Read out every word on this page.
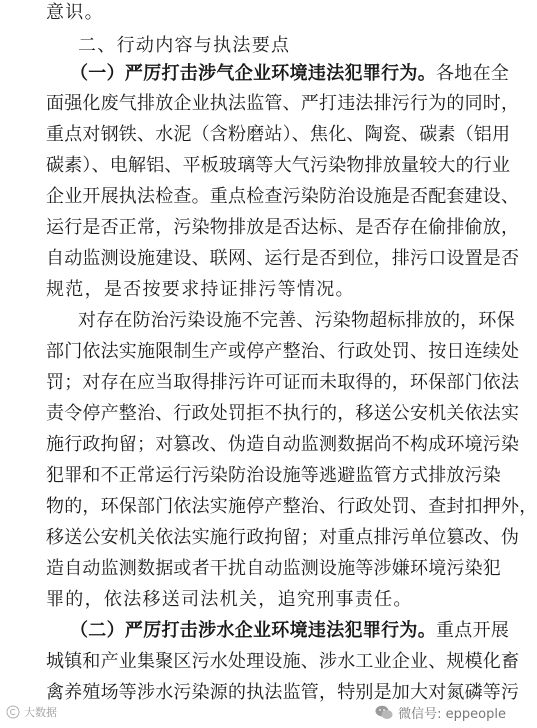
意识。
二、行动内容与执法要点
（一）严厉打击涉气企业环境违法犯罪行为。各地在全
面强化废气排放企业执法监管、严打违法排污行为的同时，
重点对钢铁、水泥（含粉磨站）、焦化、陶瓷、碳素（铝用
碳素）、电解铝、平板玻璃等大气污染物排放量较大的行业
企业开展执法检查。重点检查污染防治设施是否配套建设、
运行是否正常，污染物排放是否达标、是否存在偷排偷放，
自动监测设施建设、联网、运行是否到位，排污口设置是否
规范，是否按要求持证排污等情况。
对存在防治污染设施不完善、污染物超标排放的，环保
部门依法实施限制生产或停产整治、行政处罚、按日连续处
罚；对存在应当取得排污许可证而未取得的，环保部门依法
责令停产整治、行政处罚拒不执行的，移送公安机关依法实
施行政拘留；对篡改、伪造自动监测数据尚不构成环境污染
犯罪和不正常运行污染防治设施等逃避监管方式排放污染
物的，环保部门依法实施停产整治、行政处罚、查封扣押外，
移送公安机关依法实施行政拘留；对重点排污单位篡改、伪
造自动监测数据或者干扰自动监测设施等涉嫌环境污染犯
罪的，依法移送司法机关，追究刑事责任。
（二）严厉打击涉水企业环境违法犯罪行为。重点开展
城镇和产业集聚区污水处理设施、涉水工业企业、规模化畜
禽养殖场等涉水污染源的执法监管，特别是加大对氮磷等污
大数据	微信号: eppeople
